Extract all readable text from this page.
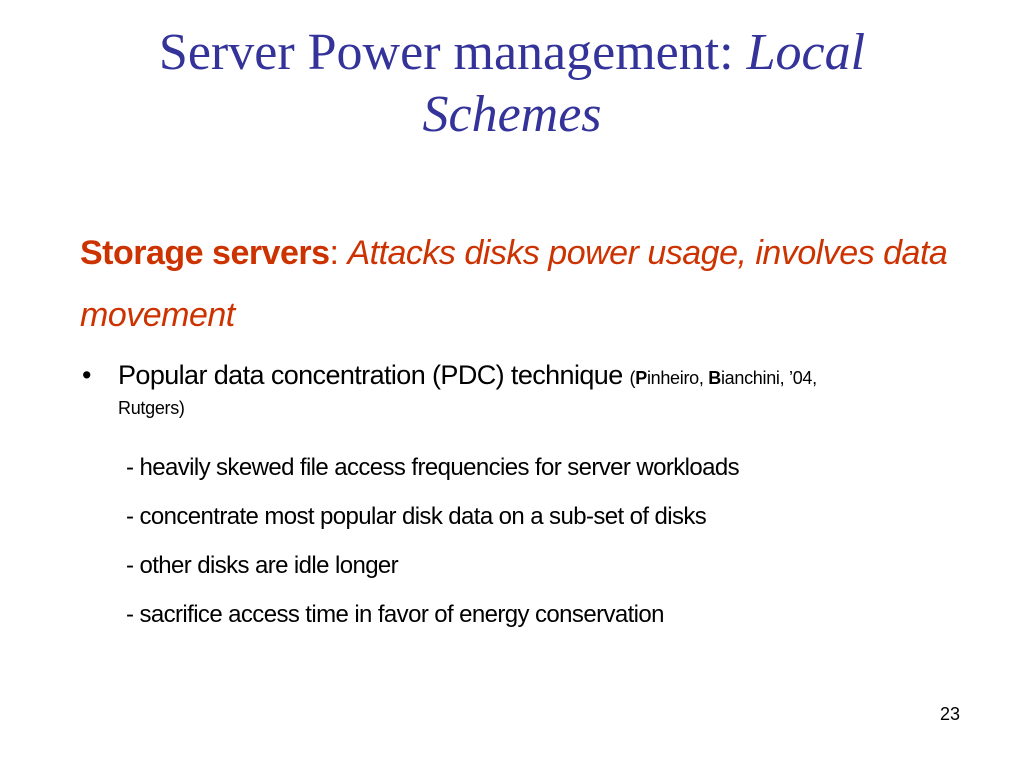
Server Power management: Local
Schemes
Storage servers: Attacks disks power usage, involves data
movement
• Popular data concentration (PDC) technique (Pinheiro, Bianchini, ’04,
Rutgers)
- heavily skewed file access frequencies for server workloads
- concentrate most popular disk data on a sub-set of disks
- other disks are idle longer
- sacrifice access time in favor of energy conservation
23
